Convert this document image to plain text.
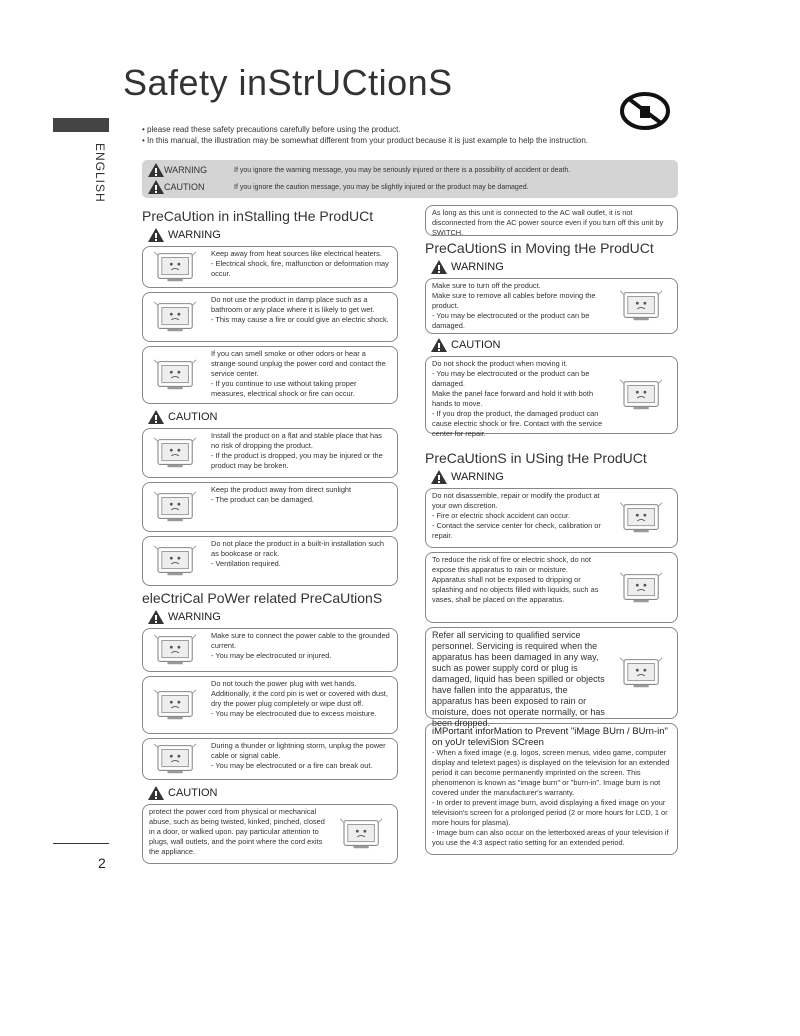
Safety inStrUCtionS
ENGLISH
2

• please read these safety precautions carefully before using the product.

• In this manual, the illustration may be somewhat different from your product because it is just example to help the instruction.

WARNING	If you ignore the warning message, you may be seriously injured or there is a possibility of accident or death.
CAUTION	If you ignore the caution message, you may be slightly injured or the product may be damaged.
PreCaUtion in inStalling tHe ProdUCt
WARNING

Keep away from heat sources like electrical heaters.

- Electrical shock, fire, malfunction or deformation may occur.

Do not use the product in damp place such as a bathroom or any place where it is likely to get wet.

- This may cause a fire or could give an electric shock.

If you can smell smoke or other odors or hear a strange sound unplug the power cord and contact the service center.

- If you continue to use without taking proper measures, electrical shock or fire can occur.

CAUTION

Install the product on a flat and stable place that has no risk of dropping the product.

- If the product is dropped, you may be injured or the product may be broken.

Keep the product away from direct sunlight

- The product can be damaged.

Do not place the product in a built-in installation such as bookcase or rack.

- Ventilation required.

eleCtriCal PoWer related PreCaUtionS
WARNING

Make sure to connect the power cable to the grounded current.

- You may be electrocuted or injured.

Do not touch the power plug with wet hands. Additionally, it the cord pin is wet or covered with dust, dry the power plug completely or wipe dust off.

- You may be electrocuted due to excess moisture.

During a thunder or lightning storm, unplug the power cable or signal cable.

- You may be electrocuted or a fire can break out.

CAUTION

protect the power cord from physical or mechanical abuse, such as being twisted, kinked, pinched, closed in a door, or walked upon. pay particular attention to plugs, wall outlets, and the point where the cord exits the appliance.

As long as this unit is connected to the AC wall outlet, it is not disconnected from the AC power source even if you turn off this unit by SWITCH.

PreCaUtionS in Moving tHe ProdUCt
WARNING

Make sure to turn off the product.

Make sure to remove all cables before moving the product.

- You may be electrocuted or the product can be damaged.

CAUTION

Do not shock the product when moving it.

- You may be electrocuted or the product can be damaged.

Make the panel face forward and hold it with both hands to move.

- If you drop the product, the damaged product can cause electric shock or fire. Contact with the service center for repair.

PreCaUtionS in USing tHe ProdUCt
WARNING

Do not disassemble, repair or modify the product at your own discretion.

- Fire or electric shock accident can occur.

- Contact the service center for check, calibration or repair.

To reduce the risk of fire or electric shock, do not expose this apparatus to rain or moisture.

Apparatus shall not be exposed to dripping or splashing and no objects filled with liquids, such as vases, shall be placed on the apparatus.

Refer all servicing to qualified service personnel. Servicing is required when the apparatus has been damaged in any way, such as power supply cord or plug is damaged, liquid has been spilled or objects have fallen into the apparatus, the apparatus has been exposed to rain or moisture, does not operate normally, or has been dropped.

iMPortant inforMation to Prevent "iMage BUrn / BUrn-in" on yoUr televiSion SCreen

- When a fixed image (e.g. logos, screen menus, video game, computer display and teletext pages) is displayed on the television for an extended period it can become permanently imprinted on the screen. This phenomenon is known as "image burn" or "burn-in". Image burn is not covered under the manufacturer's warranty.

- In order to prevent image burn, avoid displaying a fixed image on your television's screen for a prolonged period (2 or more hours for LCD, 1 or more hours for plasma).

- Image burn can also occur on the letterboxed areas of your television if you use the 4:3 aspect ratio setting for an extended period.
